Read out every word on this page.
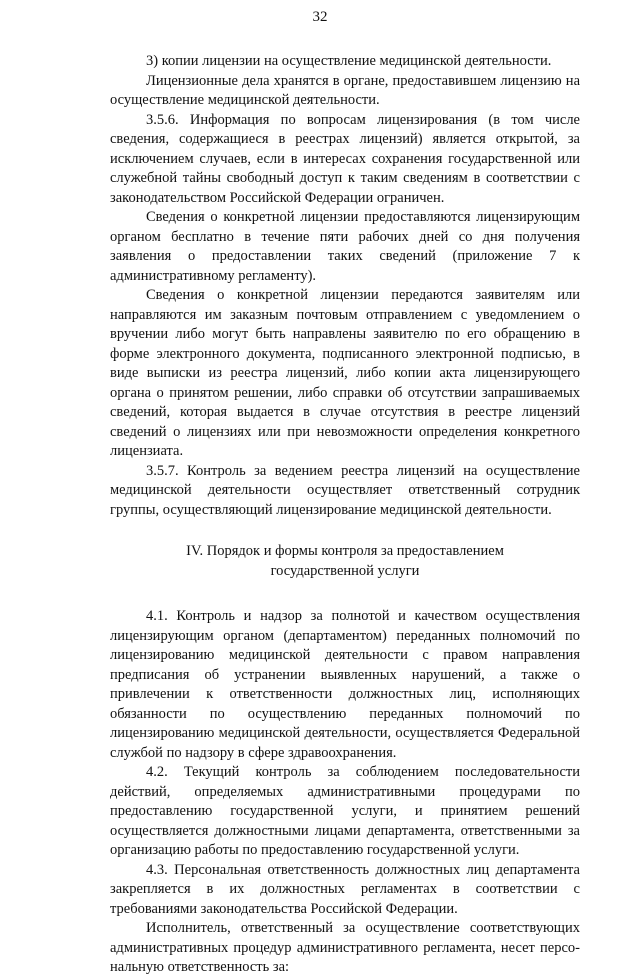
32

3) копии лицензии на осуществление медицинской деятельности.

Лицензионные дела хранятся в органе, предоставившем лицензию на осуществление медицинской деятельности.

3.5.6. Информация по вопросам лицензирования (в том числе сведения, содержащиеся в реестрах лицензий) является открытой, за исключением случаев, если в интересах сохранения государственной или служебной тайны свободный доступ к таким сведениям в соответствии с законодательством Российской Федерации ограничен.

Сведения о конкретной лицензии предоставляются лицензирующим органом бесплатно в течение пяти рабочих дней со дня получения заявления о предоставлении таких сведений (приложение 7 к административному регламенту).

Сведения о конкретной лицензии передаются заявителям или направляются им заказным почтовым отправлением с уведомлением о вручении либо могут быть направлены заявителю по его обращению в форме электронного документа, подписанного электронной подписью, в виде выписки из реестра лицензий, либо копии акта лицензирующего органа о принятом решении, либо справки об отсутствии запрашиваемых сведений, которая выдается в случае отсутствия в реестре лицензий сведений о лицензиях или при невозможности определения конкретного лицензиата.

3.5.7. Контроль за ведением реестра лицензий на осуществление медицинской деятельности осуществляет ответственный сотрудник группы, осуществляющий лицензирование медицинской деятельности.

IV. Порядок и формы контроля за предоставлением
государственной услуги

4.1. Контроль и надзор за полнотой и качеством осуществления лицензирующим органом (департаментом) переданных полномочий по лицензированию медицинской деятельности с правом направления предписания об устранении выявленных нарушений, а также о привлечении к ответственности должностных лиц, исполняющих обязанности по осуществлению переданных полномочий по лицензированию медицинской деятельности, осуществляется Федеральной службой по надзору в сфере здравоохранения.

4.2. Текущий контроль за соблюдением последовательности действий, определяемых административными процедурами по предоставлению государственной услуги, и принятием решений осуществляется должностными лицами департамента, ответственными за организацию работы по предоставлению государственной услуги.

4.3. Персональная ответственность должностных лиц департамента закрепляется в их должностных регламентах в соответствии с требованиями законодательства Российской Федерации.

Исполнитель, ответственный за осуществление соответствующих административных процедур административного регламента, несет персональную ответственность за:
